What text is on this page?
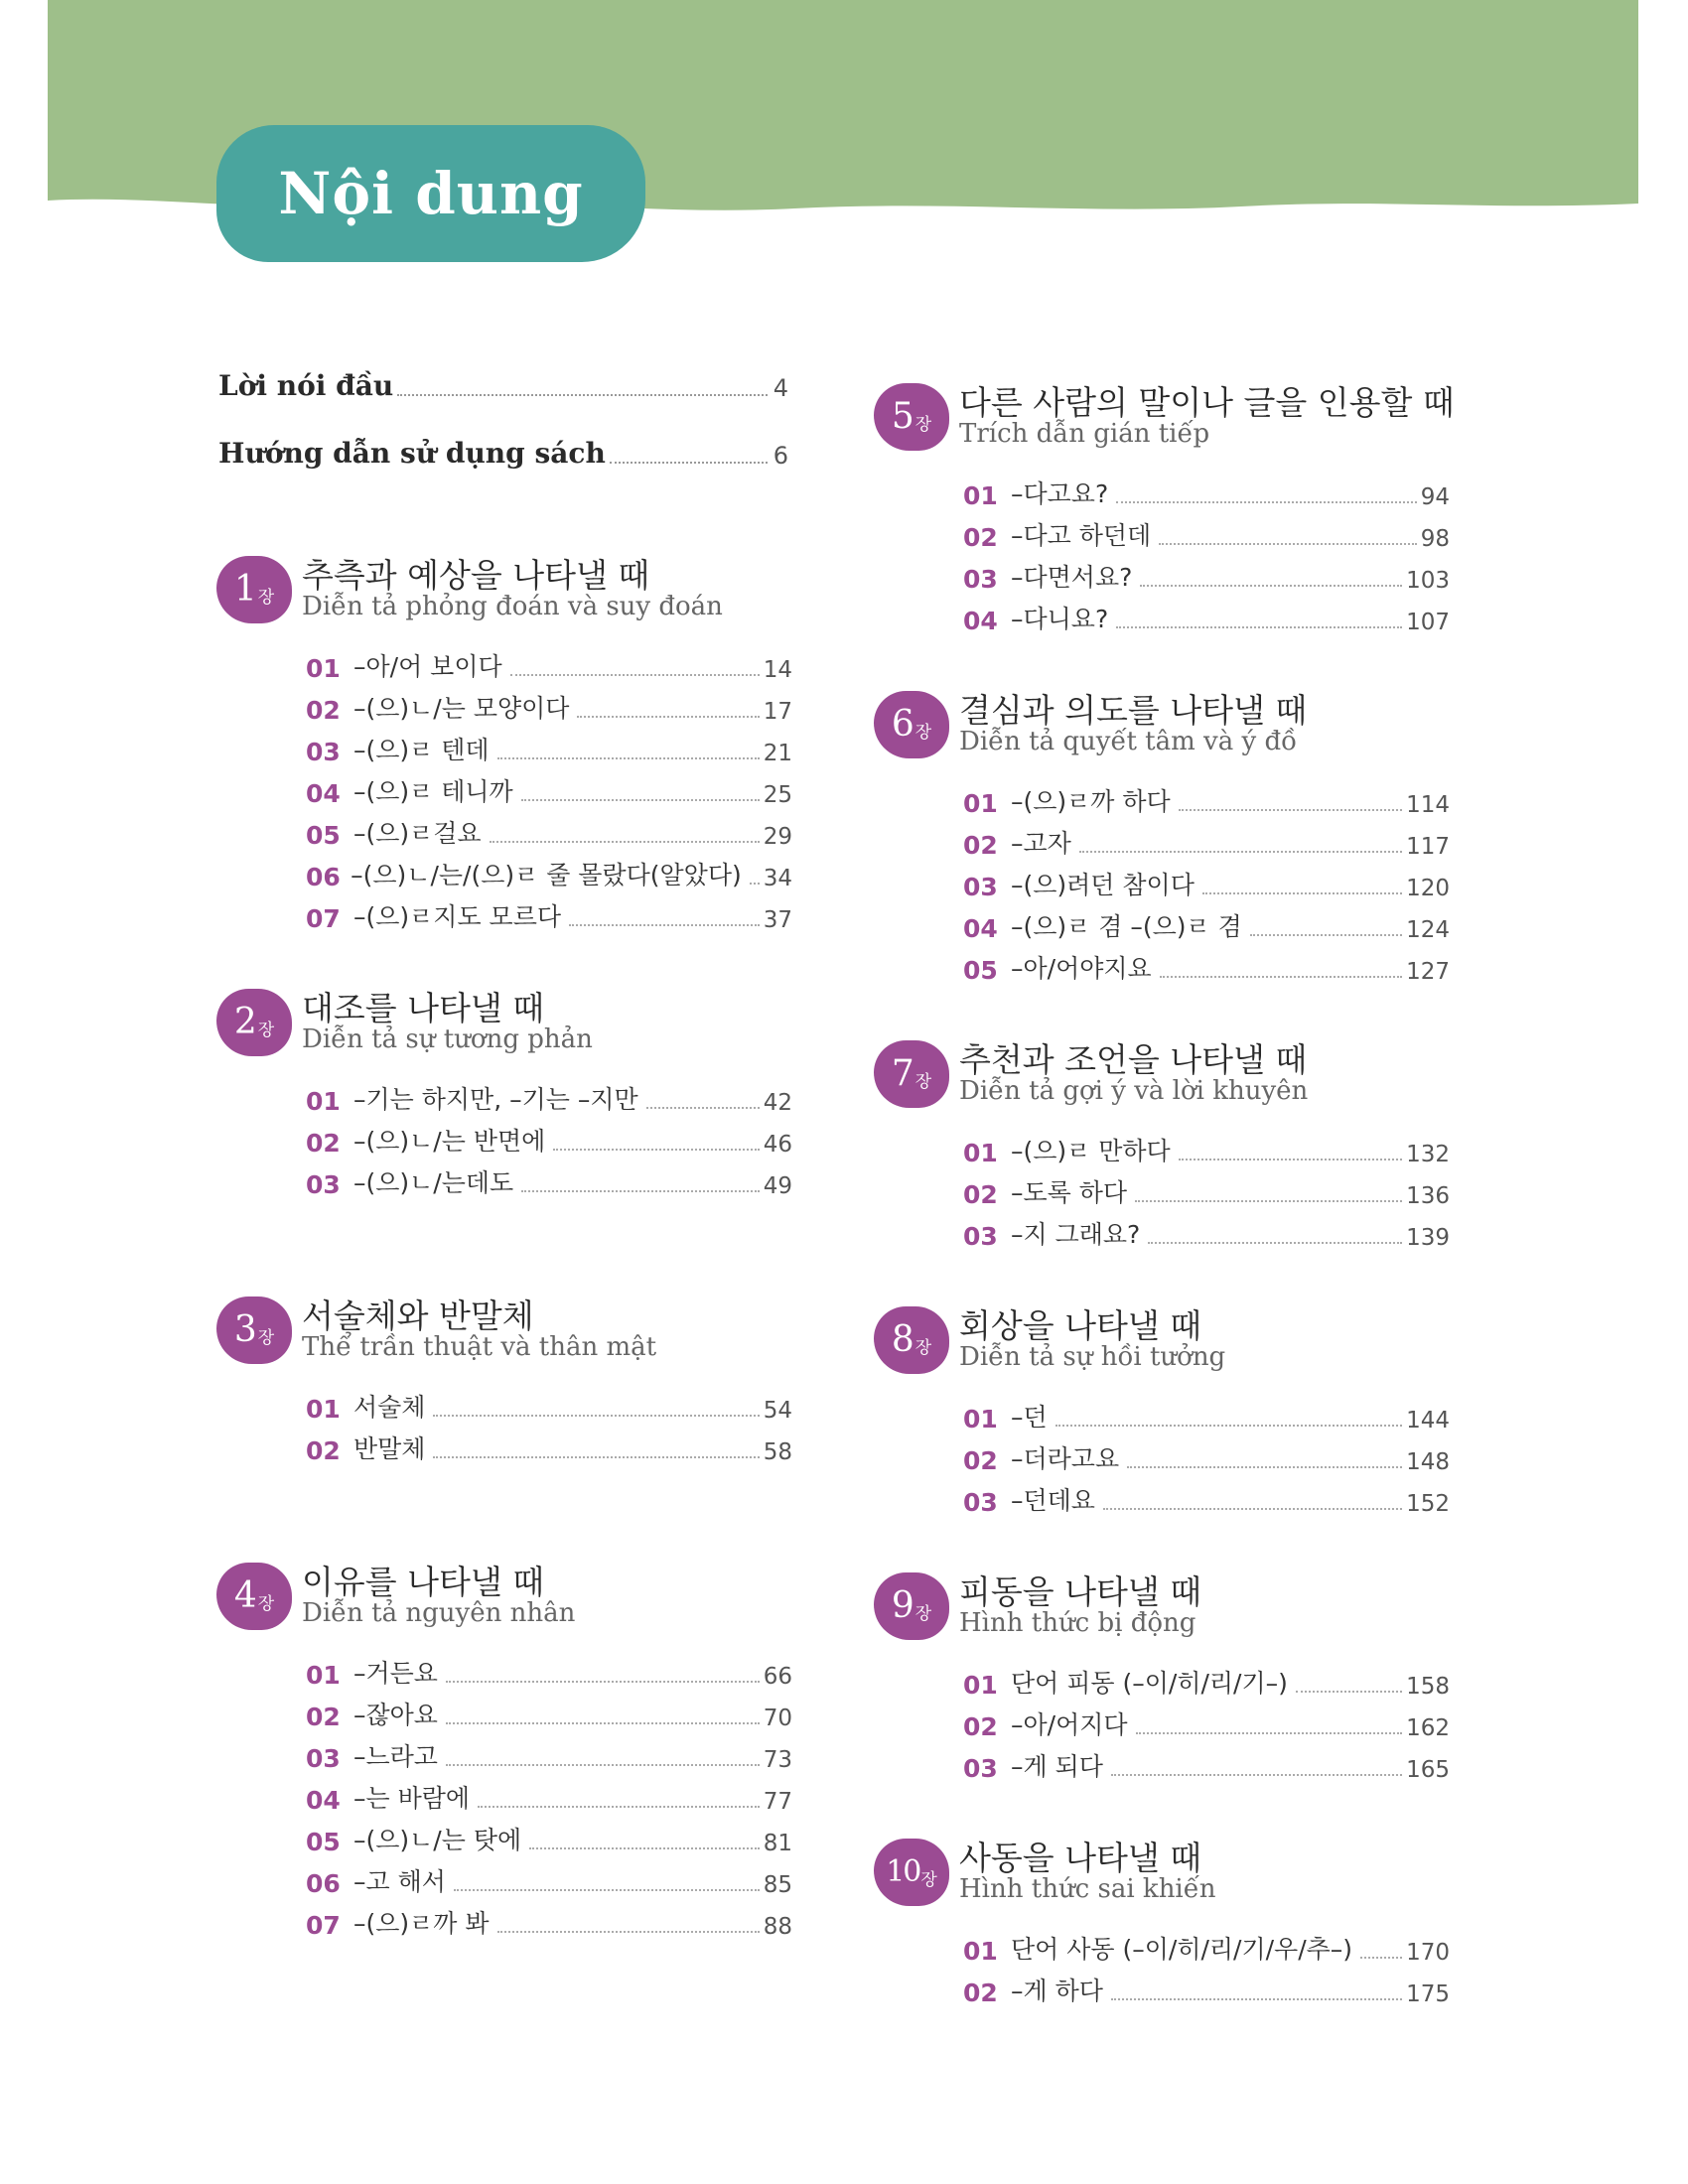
Nội dung
Lời nói đầu	4
Hướng dẫn sử dụng sách	6
1 장
추측과 예상을 나타낼 때
Diễn tả phỏng đoán và suy đoán
01 –아/어 보이다	14
02 –(으)ㄴ/는 모양이다	17
03 –(으)ㄹ 텐데	21
04 –(으)ㄹ 테니까	25
05 –(으)ㄹ걸요	29
06 –(으)ㄴ/는/(으)ㄹ 줄 몰랐다(알았다) 34
07 –(으)ㄹ지도 모르다	37
2 장
대조를 나타낼 때
Diễn tả sự tương phản
01 –기는 하지만, –기는 –지만	42
02 –(으)ㄴ/는 반면에	46
03 –(으)ㄴ/는데도	49
3 장
서술체와 반말체
Thể trần thuật và thân mật
01 서술체	54
02 반말체	58
4 장
이유를 나타낼 때
Diễn tả nguyên nhân
01 –거든요	66
02 –잖아요	70
03 –느라고	73
04 –는 바람에	77
05 –(으)ㄴ/는 탓에	81
06 –고 해서	85
07 –(으)ㄹ까 봐	88
5 장
다른 사람의 말이나 글을 인용할 때
Trích dẫn gián tiếp
01 –다고요?	94
02 –다고 하던데	98
03 –다면서요?	103
04 –다니요?	107
6 장
결심과 의도를 나타낼 때
Diễn tả quyết tâm và ý đồ
01 –(으)ㄹ까 하다	114
02 –고자	117
03 –(으)려던 참이다	120
04 –(으)ㄹ 겸 –(으)ㄹ 겸	124
05 –아/어야지요	127
7 장
추천과 조언을 나타낼 때
Diễn tả gợi ý và lời khuyên
01 –(으)ㄹ 만하다	132
02 –도록 하다	136
03 –지 그래요?	139
8 장
회상을 나타낼 때
Diễn tả sự hồi tưởng
01 –던	144
02 –더라고요	148
03 –던데요	152
9 장
피동을 나타낼 때
Hình thức bị động
01 단어 피동 (–이/히/리/기–)	158
02 –아/어지다	162
03 –게 되다	165
10 장
사동을 나타낼 때
Hình thức sai khiến
01 단어 사동 (–이/히/리/기/우/추–) 170
02 –게 하다	175
